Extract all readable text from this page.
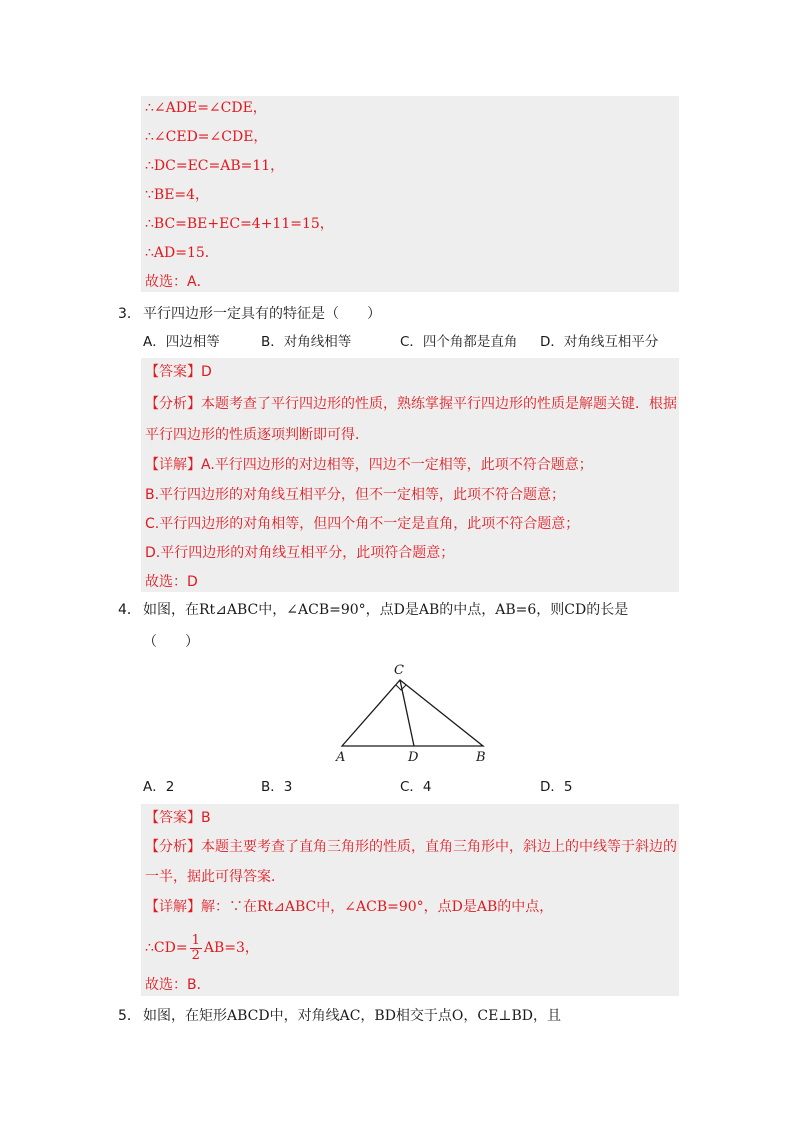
∴∠ADE=∠CDE，
∴∠CED=∠CDE，
∴DC=EC=AB=11，
∵BE=4，
∴BC=BE+EC=4+11=15，
∴AD=15．
故选：A．
3． 平行四边形一定具有的特征是（　　）
A．四边相等	B．对角线相等	C．四个角都是直角 D．对角线互相平分
【答案】D
【分析】本题考查了平行四边形的性质，熟练掌握平行四边形的性质是解题关键．根据
平行四边形的性质逐项判断即可得．
【详解】A.平行四边形的对边相等，四边不一定相等，此项不符合题意；
B.平行四边形的对角线互相平分，但不一定相等，此项不符合题意；
C.平行四边形的对角相等，但四个角不一定是直角，此项不符合题意；
D.平行四边形的对角线互相平分，此项符合题意；
故选：D
4． 如图，在Rt⊿ABC中，∠ACB=90°，点D是AB的中点，AB=6，则CD的长是
（　　）
C
A	D	B
A．2	B．3	C．4	D．5
【答案】B
【分析】本题主要考查了直角三角形的性质，直角三角形中，斜边上的中线等于斜边的
一半，据此可得答案．
【详解】解：∵在Rt⊿ABC中，∠ACB=90°，点D是AB的中点，
∴CD= $\frac{1}{2} AB=3$，
故选：B．
5． 如图，在矩形ABCD中，对角线AC，BD相交于点O，CE⊥BD，且
